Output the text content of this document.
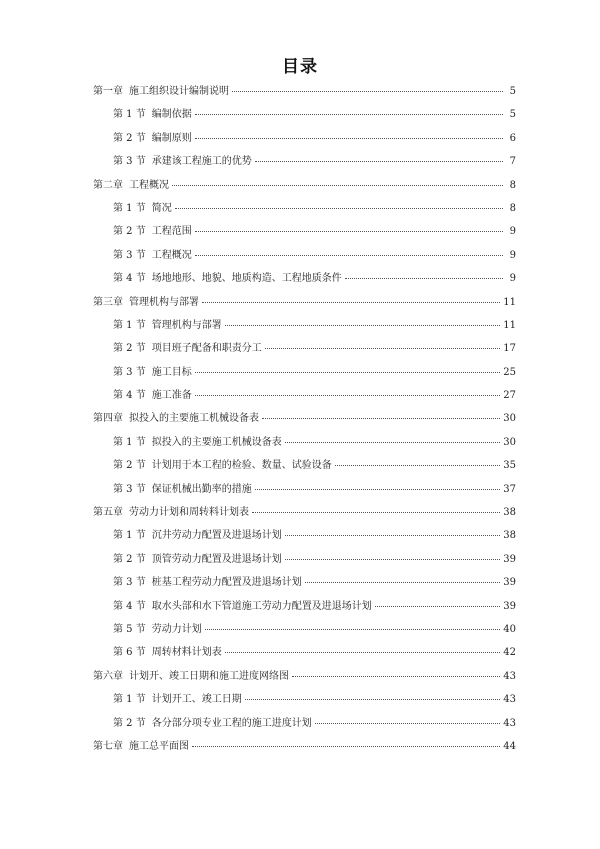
目录
第一章 施工组织设计编制说明	5
第 1 节 编制依据	5
第 2 节 编制原则	6
第 3 节 承建该工程施工的优势	7
第二章 工程概况	8
第 1 节 简况	8
第 2 节 工程范围	9
第 3 节 工程概况	9
第 4 节 场地地形、地貌、地质构造、工程地质条件	9
第三章 管理机构与部署	11
第 1 节 管理机构与部署	11
第 2 节 项目班子配备和职责分工	17
第 3 节 施工目标	25
第 4 节 施工准备	27
第四章 拟投入的主要施工机械设备表	30
第 1 节 拟投入的主要施工机械设备表	30
第 2 节 计划用于本工程的检验、数量、试验设备	35
第 3 节 保证机械出勤率的措施	37
第五章 劳动力计划和周转料计划表	38
第 1 节 沉井劳动力配置及进退场计划	38
第 2 节 顶管劳动力配置及进退场计划	39
第 3 节 桩基工程劳动力配置及进退场计划	39
第 4 节 取水头部和水下管道施工劳动力配置及进退场计划	39
第 5 节 劳动力计划	40
第 6 节 周转材料计划表	42
第六章 计划开、竣工日期和施工进度网络图	43
第 1 节 计划开工、竣工日期	43
第 2 节 各分部分项专业工程的施工进度计划	43
第七章 施工总平面图	44
